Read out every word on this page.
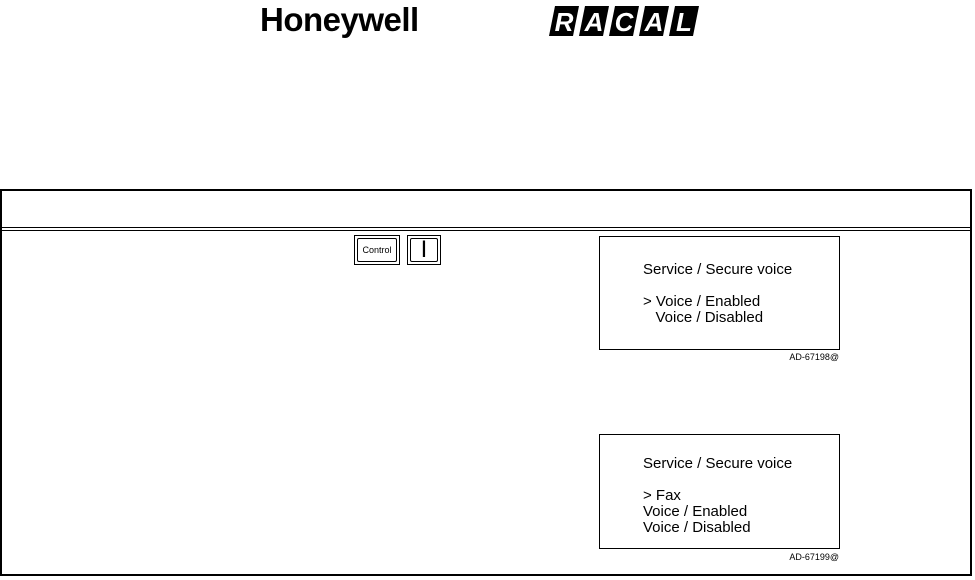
Honeywell	R A C A L
Control	I
Service / Secure voice
> Voice / Enabled
Voice / Disabled
AD-67198@
Service / Secure voice
> Fax
Voice / Enabled
Voice / Disabled
AD-67199@
